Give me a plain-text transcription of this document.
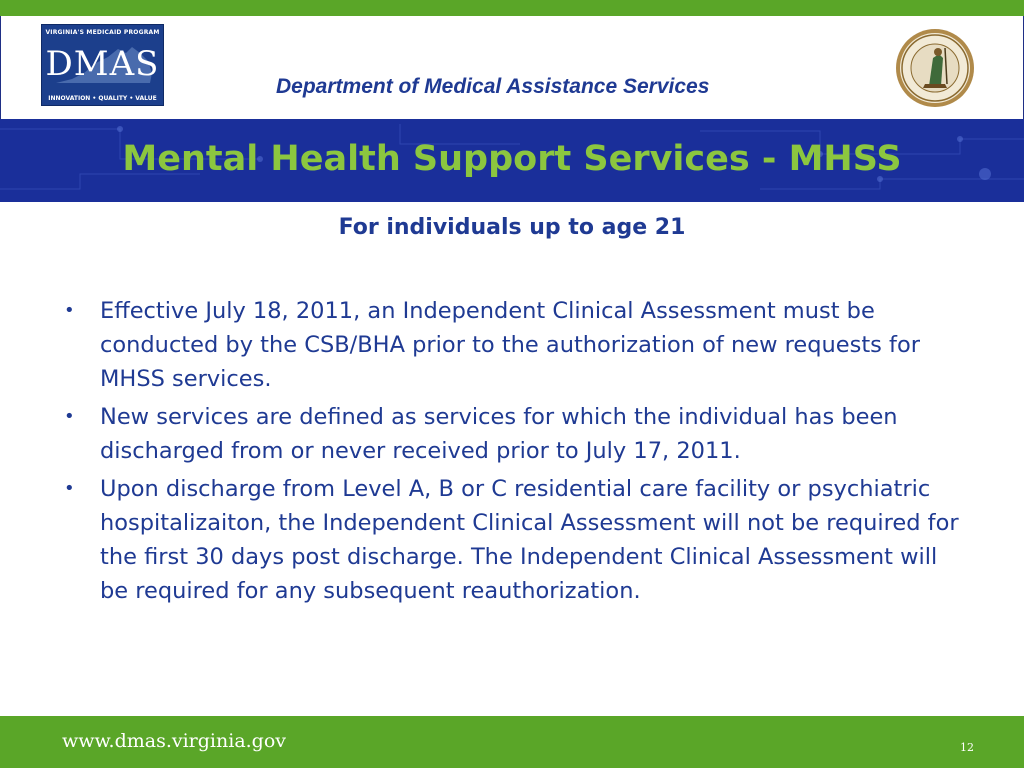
VIRGINIA'S MEDICAID PROGRAM
DMAS
INNOVATION • QUALITY • VALUE
Department of Medical Assistance Services
Mental Health Support Services - MHSS
For individuals up to age 21
• Effective July 18, 2011, an Independent Clinical Assessment must be conducted by the CSB/BHA prior to the authorization of new requests for MHSS services.
• New services are defined as services for which the individual has been discharged from or never received prior to July 17, 2011.
• Upon discharge from Level A, B or C residential care facility or psychiatric hospitalizaiton, the Independent Clinical Assessment will not be required for the first 30 days post discharge. The Independent Clinical Assessment will be required for any subsequent reauthorization.
www.dmas.virginia.gov	12
